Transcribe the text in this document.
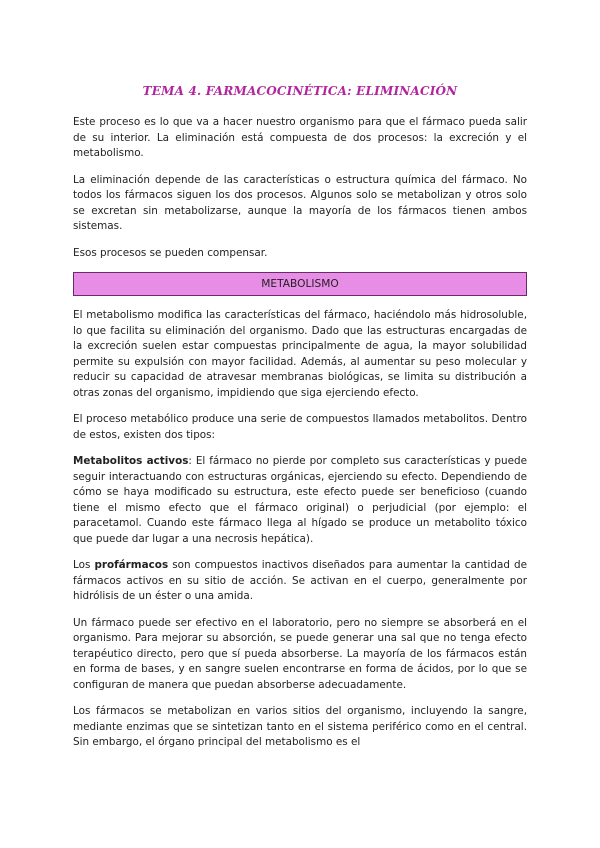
TEMA 4. FARMACOCINÉTICA: ELIMINACIÓN

Este proceso es lo que va a hacer nuestro organismo para que el fármaco pueda salir de su interior. La eliminación está compuesta de dos procesos: la excreción y el metabolismo.

La eliminación depende de las características o estructura química del fármaco. No todos los fármacos siguen los dos procesos. Algunos solo se metabolizan y otros solo se excretan sin metabolizarse, aunque la mayoría de los fármacos tienen ambos sistemas.

Esos procesos se pueden compensar.

METABOLISMO

El metabolismo modifica las características del fármaco, haciéndolo más hidrosoluble, lo que facilita su eliminación del organismo. Dado que las estructuras encargadas de la excreción suelen estar compuestas principalmente de agua, la mayor solubilidad permite su expulsión con mayor facilidad. Además, al aumentar su peso molecular y reducir su capacidad de atravesar membranas biológicas, se limita su distribución a otras zonas del organismo, impidiendo que siga ejerciendo efecto.

El proceso metabólico produce una serie de compuestos llamados metabolitos. Dentro de estos, existen dos tipos:

Metabolitos activos: El fármaco no pierde por completo sus características y puede seguir interactuando con estructuras orgánicas, ejerciendo su efecto. Dependiendo de cómo se haya modificado su estructura, este efecto puede ser beneficioso (cuando tiene el mismo efecto que el fármaco original) o perjudicial (por ejemplo: el paracetamol. Cuando este fármaco llega al hígado se produce un metabolito tóxico que puede dar lugar a una necrosis hepática).

Los profármacos son compuestos inactivos diseñados para aumentar la cantidad de fármacos activos en su sitio de acción. Se activan en el cuerpo, generalmente por hidrólisis de un éster o una amida.

Un fármaco puede ser efectivo en el laboratorio, pero no siempre se absorberá en el organismo. Para mejorar su absorción, se puede generar una sal que no tenga efecto terapéutico directo, pero que sí pueda absorberse. La mayoría de los fármacos están en forma de bases, y en sangre suelen encontrarse en forma de ácidos, por lo que se configuran de manera que puedan absorberse adecuadamente.

Los fármacos se metabolizan en varios sitios del organismo, incluyendo la sangre, mediante enzimas que se sintetizan tanto en el sistema periférico como en el central. Sin embargo, el órgano principal del metabolismo es el
